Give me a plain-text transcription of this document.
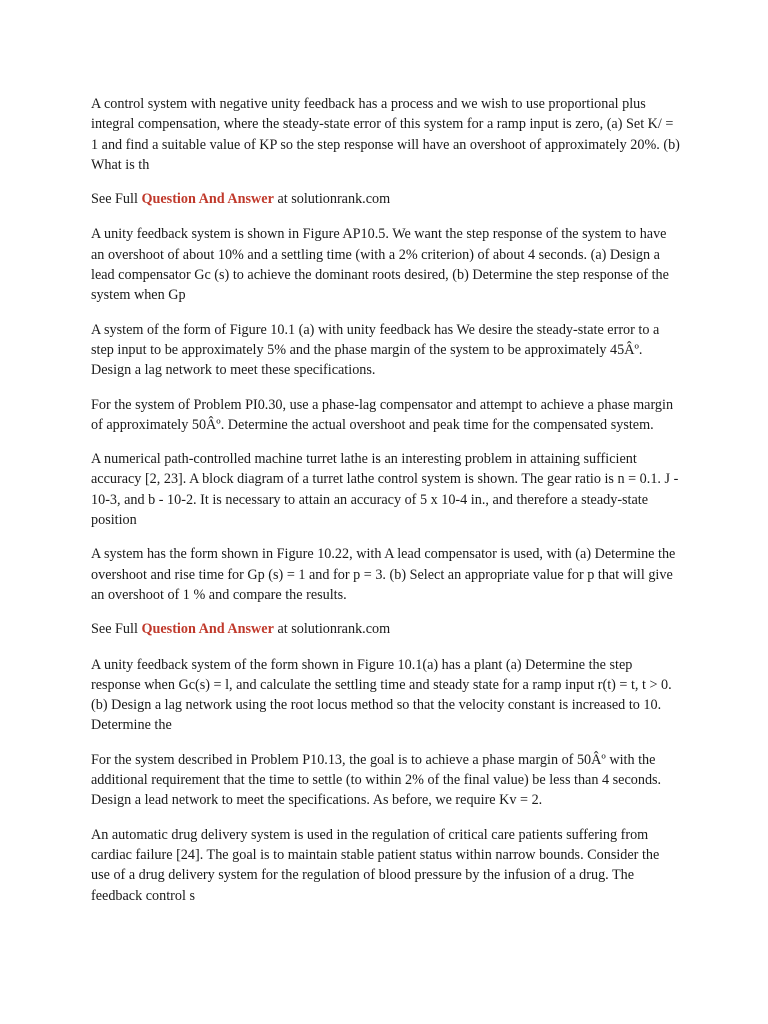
A control system with negative unity feedback has a process and we wish to use proportional plus integral compensation, where the steady-state error of this system for a ramp input is zero, (a) Set K/ = 1 and find a suitable value of KP so the step response will have an overshoot of approximately 20%. (b) What is th

See Full Question And Answer at solutionrank.com

A unity feedback system is shown in Figure AP10.5. We want the step response of the system to have an overshoot of about 10% and a settling time (with a 2% criterion) of about 4 seconds. (a) Design a lead compensator Gc (s) to achieve the dominant roots desired, (b) Determine the step response of the system when Gp

A system of the form of Figure 10.1 (a) with unity feedback has We desire the steady-state error to a step input to be approximately 5% and the phase margin of the system to be approximately 45Âº. Design a lag network to meet these specifications.

For the system of Problem PI0.30, use a phase-lag compensator and attempt to achieve a phase margin of approximately 50Âº. Determine the actual overshoot and peak time for the compensated system.

A numerical path-controlled machine turret lathe is an interesting problem in attaining sufficient accuracy [2, 23]. A block diagram of a turret lathe control system is shown. The gear ratio is n = 0.1. J - 10-3, and b - 10-2. It is necessary to attain an accuracy of 5 x 10-4 in., and therefore a steady-state position

A system has the form shown in Figure 10.22, with A lead compensator is used, with (a) Determine the overshoot and rise time for Gp (s) = 1 and for p = 3. (b) Select an appropriate value for p that will give an overshoot of 1 % and compare the results.

See Full Question And Answer at solutionrank.com

A unity feedback system of the form shown in Figure 10.1(a) has a plant (a) Determine the step response when Gc(s) = l, and calculate the settling time and steady state for a ramp input r(t) = t, t > 0. (b) Design a lag network using the root locus method so that the velocity constant is increased to 10. Determine the

For the system described in Problem P10.13, the goal is to achieve a phase margin of 50Âº with the additional requirement that the time to settle (to within 2% of the final value) be less than 4 seconds. Design a lead network to meet the specifications. As before, we require Kv = 2.

An automatic drug delivery system is used in the regulation of critical care patients suffering from cardiac failure [24]. The goal is to maintain stable patient status within narrow bounds. Consider the use of a drug delivery system for the regulation of blood pressure by the infusion of a drug. The feedback control s
